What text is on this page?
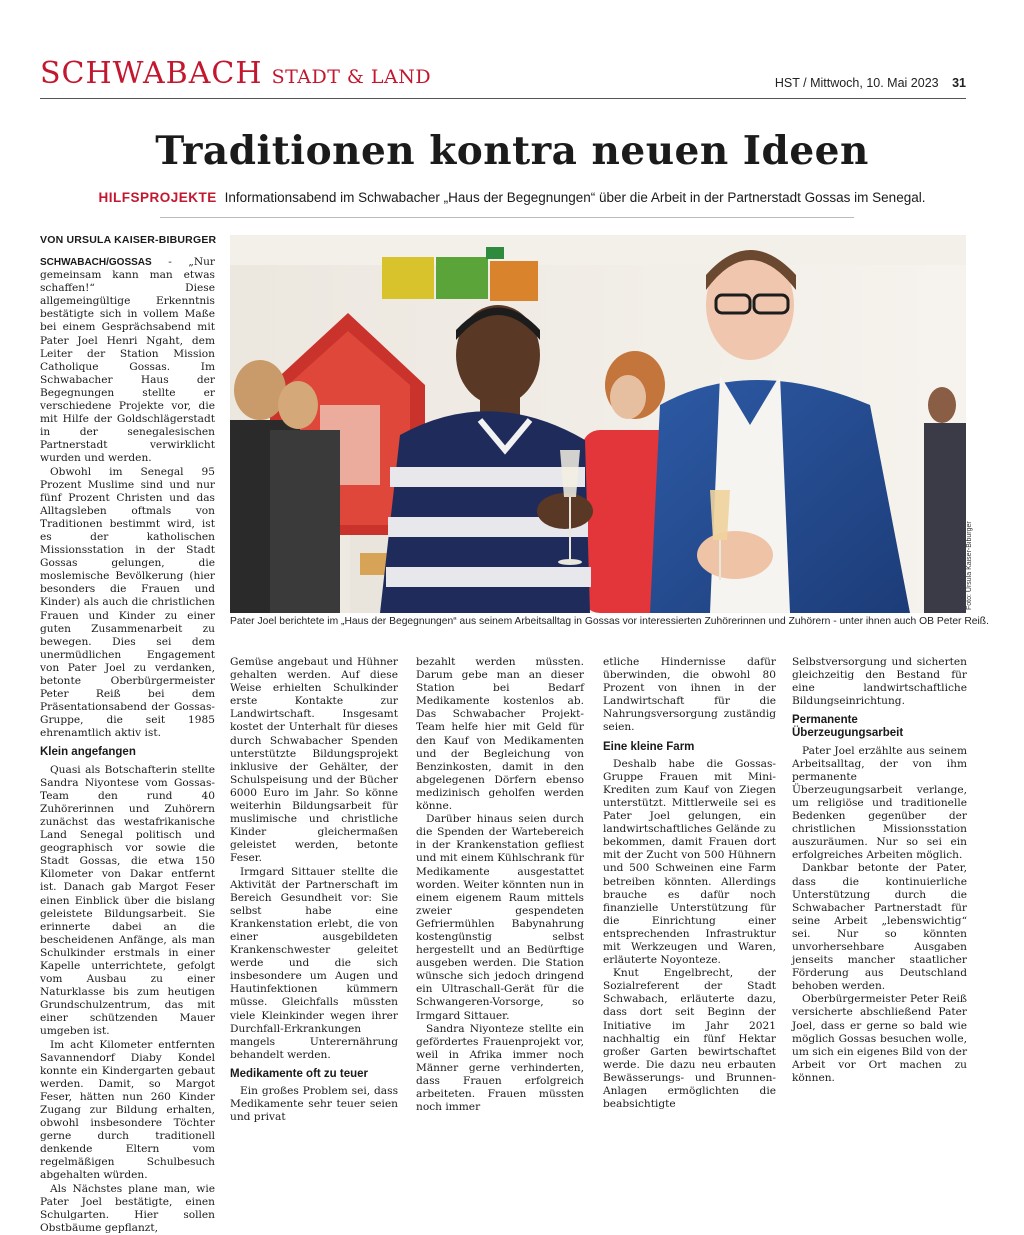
SCHWABACH STADT & LAND	HST / Mittwoch, 10. Mai 2023 31
Traditionen kontra neuen Ideen
HILFSPROJEKTE Informationsabend im Schwabacher „Haus der Begegnungen“ über die Arbeit in der Partnerstadt Gossas im Senegal.
VON URSULA KAISER-BIBURGER
Foto: Ursula Kaiser-Biburger
Pater Joel berichtete im „Haus der Begegnungen“ aus seinem Arbeitsalltag in Gossas vor interessierten Zuhörerinnen und Zuhörern - unter ihnen auch OB Peter Reiß.

SCHWABACH/GOSSAS - „Nur gemeinsam kann man etwas schaffen!“ Diese allgemeingültige Erkenntnis bestätigte sich in vollem Maße bei einem Gesprächsabend mit Pater Joel Henri Ngaht, dem Leiter der Station Mission Catholique Gossas. Im Schwabacher Haus der Begegnungen stellte er verschiedene Projekte vor, die mit Hilfe der Goldschlägerstadt in der senegalesischen Partnerstadt verwirklicht wurden und werden.

Obwohl im Senegal 95 Prozent Muslime sind und nur fünf Prozent Christen und das Alltagsleben oftmals von Traditionen bestimmt wird, ist es der katholischen Missionsstation in der Stadt Gossas gelungen, die moslemische Bevölkerung (hier besonders die Frauen und Kinder) als auch die christlichen Frauen und Kinder zu einer guten Zusammenarbeit zu bewegen. Dies sei dem unermüdlichen Engagement von Pater Joel zu verdanken, betonte Oberbürgermeister Peter Reiß bei dem Präsentationsabend der Gossas-Gruppe, die seit 1985 ehrenamtlich aktiv ist.

Klein angefangen

Quasi als Botschafterin stellte Sandra Niyontese vom Gossas-Team den rund 40 Zuhörerinnen und Zuhörern zunächst das westafrikanische Land Senegal politisch und geographisch vor sowie die Stadt Gossas, die etwa 150 Kilometer von Dakar entfernt ist. Danach gab Margot Feser einen Einblick über die bislang geleistete Bildungsarbeit. Sie erinnerte dabei an die bescheidenen Anfänge, als man Schulkinder erstmals in einer Kapelle unterrichtete, gefolgt vom Ausbau zu einer Naturklasse bis zum heutigen Grundschulzentrum, das mit einer schützenden Mauer umgeben ist.

Im acht Kilometer entfernten Savannendorf Diaby Kondel konnte ein Kindergarten gebaut werden. Damit, so Margot Feser, hätten nun 260 Kinder Zugang zur Bildung erhalten, obwohl insbesondere Töchter gerne durch traditionell denkende Eltern vom regelmäßigen Schulbesuch abgehalten würden.

Als Nächstes plane man, wie Pater Joel bestätigte, einen Schulgarten. Hier sollen Obstbäume gepflanzt,

Gemüse angebaut und Hühner gehalten werden. Auf diese Weise erhielten Schulkinder erste Kontakte zur Landwirtschaft. Insgesamt kostet der Unterhalt für dieses durch Schwabacher Spenden unterstützte Bildungsprojekt inklusive der Gehälter, der Schulspeisung und der Bücher 6000 Euro im Jahr. So könne weiterhin Bildungsarbeit für muslimische und christliche Kinder gleichermaßen geleistet werden, betonte Feser.

Irmgard Sittauer stellte die Aktivität der Partnerschaft im Bereich Gesundheit vor: Sie selbst habe eine Krankenstation erlebt, die von einer ausgebildeten Krankenschwester geleitet werde und die sich insbesondere um Augen und Hautinfektionen kümmern müsse. Gleichfalls müssten viele Kleinkinder wegen ihrer Durchfall-Erkrankungen mangels Unterernährung behandelt werden.

Medikamente oft zu teuer

Ein großes Problem sei, dass Medikamente sehr teuer seien und privat

bezahlt werden müssten. Darum gebe man an dieser Station bei Bedarf Medikamente kostenlos ab. Das Schwabacher Projekt-Team helfe hier mit Geld für den Kauf von Medikamenten und der Begleichung von Benzinkosten, damit in den abgelegenen Dörfern ebenso medizinisch geholfen werden könne.

Darüber hinaus seien durch die Spenden der Wartebereich in der Krankenstation gefliest und mit einem Kühlschrank für Medikamente ausgestattet worden. Weiter könnten nun in einem eigenem Raum mittels zweier gespendeten Gefriermühlen Babynahrung kostengünstig selbst hergestellt und an Bedürftige ausgeben werden. Die Station wünsche sich jedoch dringend ein Ultraschall-Gerät für die Schwangeren-Vorsorge, so Irmgard Sittauer.

Sandra Niyonteze stellte ein gefördertes Frauenprojekt vor, weil in Afrika immer noch Männer gerne verhinderten, dass Frauen erfolgreich arbeiteten. Frauen müssten noch immer

etliche Hindernisse dafür überwinden, die obwohl 80 Prozent von ihnen in der Landwirtschaft für die Nahrungsversorgung zuständig seien.

Eine kleine Farm

Deshalb habe die Gossas-Gruppe Frauen mit Mini-Krediten zum Kauf von Ziegen unterstützt. Mittlerweile sei es Pater Joel gelungen, ein landwirtschaftliches Gelände zu bekommen, damit Frauen dort mit der Zucht von 500 Hühnern und 500 Schweinen eine Farm betreiben könnten. Allerdings brauche es dafür noch finanzielle Unterstützung für die Einrichtung einer entsprechenden Infrastruktur mit Werkzeugen und Waren, erläuterte Noyonteze.

Knut Engelbrecht, der Sozialreferent der Stadt Schwabach, erläuterte dazu, dass dort seit Beginn der Initiative im Jahr 2021 nachhaltig ein fünf Hektar großer Garten bewirtschaftet werde. Die dazu neu erbauten Bewässerungs- und Brunnen-Anlagen ermöglichten die beabsichtigte

Selbstversorgung und sicherten gleichzeitig den Bestand für eine landwirtschaftliche Bildungseinrichtung.

Permanente Überzeugungsarbeit

Pater Joel erzählte aus seinem Arbeitsalltag, der von ihm permanente Überzeugungsarbeit verlange, um religiöse und traditionelle Bedenken gegenüber der christlichen Missionsstation auszuräumen. Nur so sei ein erfolgreiches Arbeiten möglich.

Dankbar betonte der Pater, dass die kontinuierliche Unterstützung durch die Schwabacher Partnerstadt für seine Arbeit „lebenswichtig“ sei. Nur so könnten unvorhersehbare Ausgaben jenseits mancher staatlicher Förderung aus Deutschland behoben werden.

Oberbürgermeister Peter Reiß versicherte abschließend Pater Joel, dass er gerne so bald wie möglich Gossas besuchen wolle, um sich ein eigenes Bild von der Arbeit vor Ort machen zu können.
